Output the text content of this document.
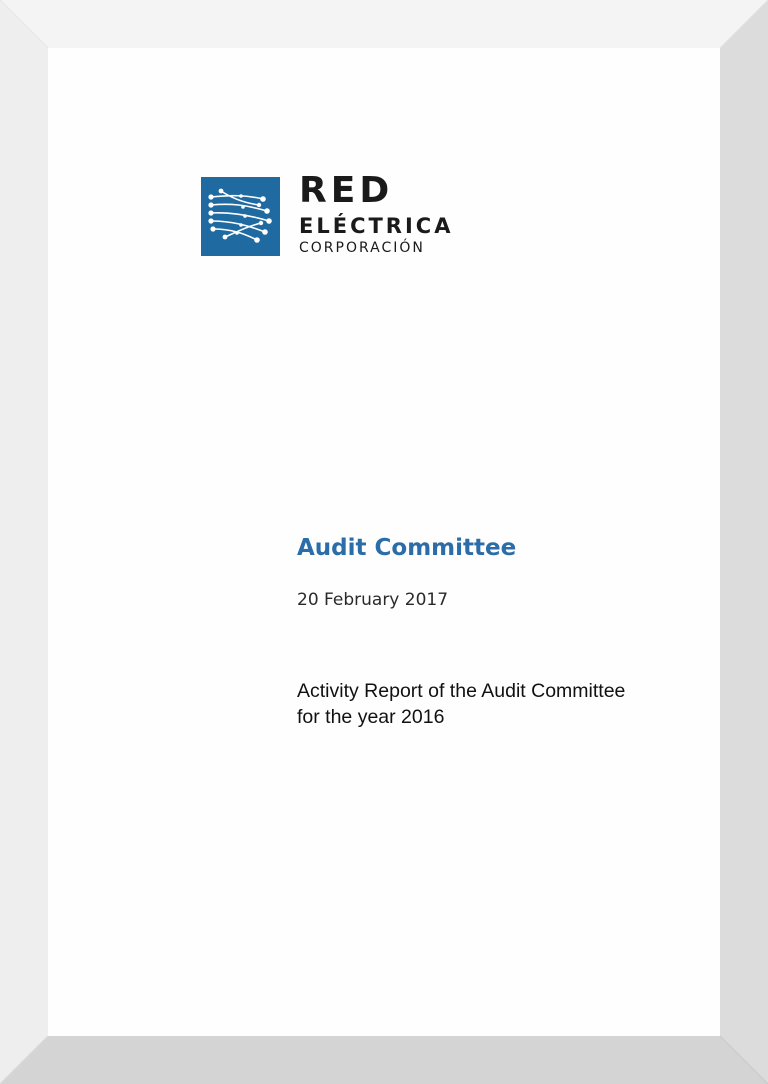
RED
ELÉCTRICA
CORPORACIÓN
Audit Committee
20 February 2017
Activity Report of the Audit Committee
for the year 2016
